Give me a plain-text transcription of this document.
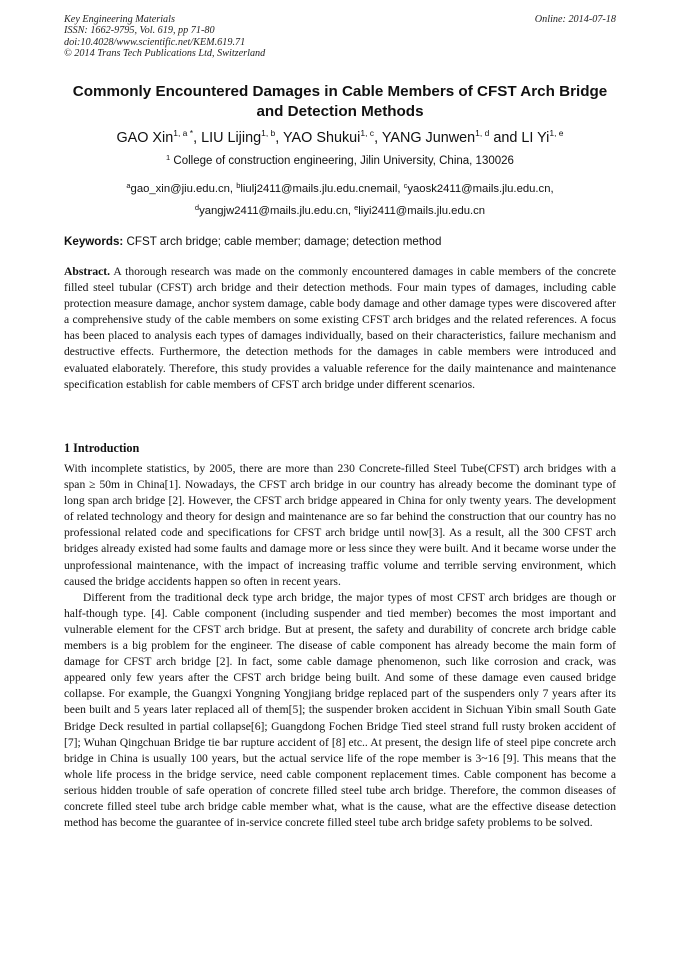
Key Engineering Materials
ISSN: 1662-9795, Vol. 619, pp 71-80
doi:10.4028/www.scientific.net/KEM.619.71
© 2014 Trans Tech Publications Ltd, Switzerland
Online: 2014-07-18
Commonly Encountered Damages in Cable Members of CFST Arch Bridge and Detection Methods
GAO Xin$^{1, a *}$, LIU Lijing$^{1, b}$, YAO Shukui$^{1, c}$, YANG Junwen$^{1, d}$ and LI Yi$^{1, e}$
$^1$ College of construction engineering, Jilin University, China, 130026
$^a$gao_xin@jiu.edu.cn, $^b$liulj2411@mails.jlu.edu.cnemail, $^c$yaosk2411@mails.jlu.edu.cn,
$^d$yangjw2411@mails.jlu.edu.cn, $^e$liyi2411@mails.jlu.edu.cn
Keywords: CFST arch bridge; cable member; damage; detection method
Abstract. A thorough research was made on the commonly encountered damages in cable members of the concrete filled steel tubular (CFST) arch bridge and their detection methods. Four main types of damages, including cable protection measure damage, anchor system damage, cable body damage and other damage types were discovered after a comprehensive study of the cable members on some existing CFST arch bridges and the related references. A focus has been placed to analysis each types of damages individually, based on their characteristics, failure mechanism and destructive effects. Furthermore, the detection methods for the damages in cable members were introduced and evaluated elaborately. Therefore, this study provides a valuable reference for the daily maintenance and maintenance specification establish for cable members of CFST arch bridge under different scenarios.
1 Introduction

With incomplete statistics, by 2005, there are more than 230 Concrete-filled Steel Tube(CFST) arch bridges with a span ≥ 50m in China[1]. Nowadays, the CFST arch bridge in our country has already become the dominant type of long span arch bridge [2]. However, the CFST arch bridge appeared in China for only twenty years. The development of related technology and theory for design and maintenance are so far behind the construction that our country has no professional related code and specifications for CFST arch bridge until now[3]. As a result, all the 300 CFST arch bridges already existed had some faults and damage more or less since they were built. And it became worse under the unprofessional maintenance, with the impact of increasing traffic volume and terrible serving environment, which caused the bridge accidents happen so often in recent years.

Different from the traditional deck type arch bridge, the major types of most CFST arch bridges are though or half-though type. [4]. Cable component (including suspender and tied member) becomes the most important and vulnerable element for the CFST arch bridge. But at present, the safety and durability of concrete arch bridge cable members is a big problem for the engineer. The disease of cable component has already become the main form of damage for CFST arch bridge [2]. In fact, some cable damage phenomenon, such like corrosion and crack, was appeared only few years after the CFST arch bridge being built. And some of these damage even caused bridge collapse. For example, the Guangxi Yongning Yongjiang bridge replaced part of the suspenders only 7 years after its been built and 5 years later replaced all of them[5]; the suspender broken accident in Sichuan Yibin small South Gate Bridge Deck resulted in partial collapse[6]; Guangdong Fochen Bridge Tied steel strand full rusty broken accident of [7]; Wuhan Qingchuan Bridge tie bar rupture accident of [8] etc.. At present, the design life of steel pipe concrete arch bridge in China is usually 100 years, but the actual service life of the rope member is 3~16 [9]. This means that the whole life process in the bridge service, need cable component replacement times. Cable component has become a serious hidden trouble of safe operation of concrete filled steel tube arch bridge. Therefore, the common diseases of concrete filled steel tube arch bridge cable member what, what is the cause, what are the effective disease detection method has become the guarantee of in-service concrete filled steel tube arch bridge safety problems to be solved.
